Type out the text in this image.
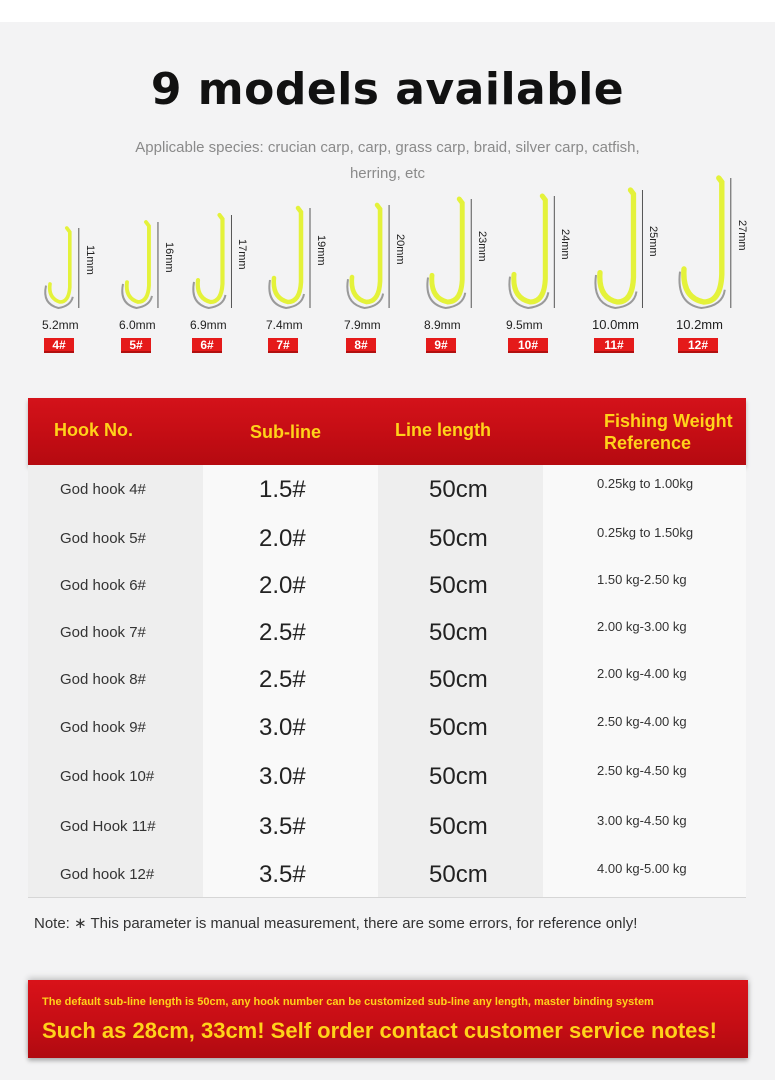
9 models available
Applicable species: crucian carp, carp, grass carp, braid, silver carp, catfish, herring, etc
11mm
5.2mm
4#
16mm
6.0mm
5#
17mm
6.9mm
6#
19mm
7.4mm
7#
20mm
7.9mm
8#
23mm
8.9mm
9#
24mm
9.5mm
10#
25mm
10.0mm
11#
27mm
10.2mm
12#
Hook No.	Sub-line	Line length	Fishing Weight Reference
God hook 4#	1.5#	50cm	0.25kg to 1.00kg
God hook 5#	2.0#	50cm	0.25kg to 1.50kg
God hook 6#	2.0#	50cm	1.50 kg-2.50 kg
God hook 7#	2.5#	50cm	2.00 kg-3.00 kg
God hook 8#	2.5#	50cm	2.00 kg-4.00 kg
God hook 9#	3.0#	50cm	2.50 kg-4.00 kg
God hook 10#	3.0#	50cm	2.50 kg-4.50 kg
God Hook 11#	3.5#	50cm	3.00 kg-4.50 kg
God hook 12#	3.5#	50cm	4.00 kg-5.00 kg
Note: ∗ This parameter is manual measurement, there are some errors, for reference only!
The default sub-line length is 50cm, any hook number can be customized sub-line any length, master binding system
Such as 28cm, 33cm! Self order contact customer service notes!
